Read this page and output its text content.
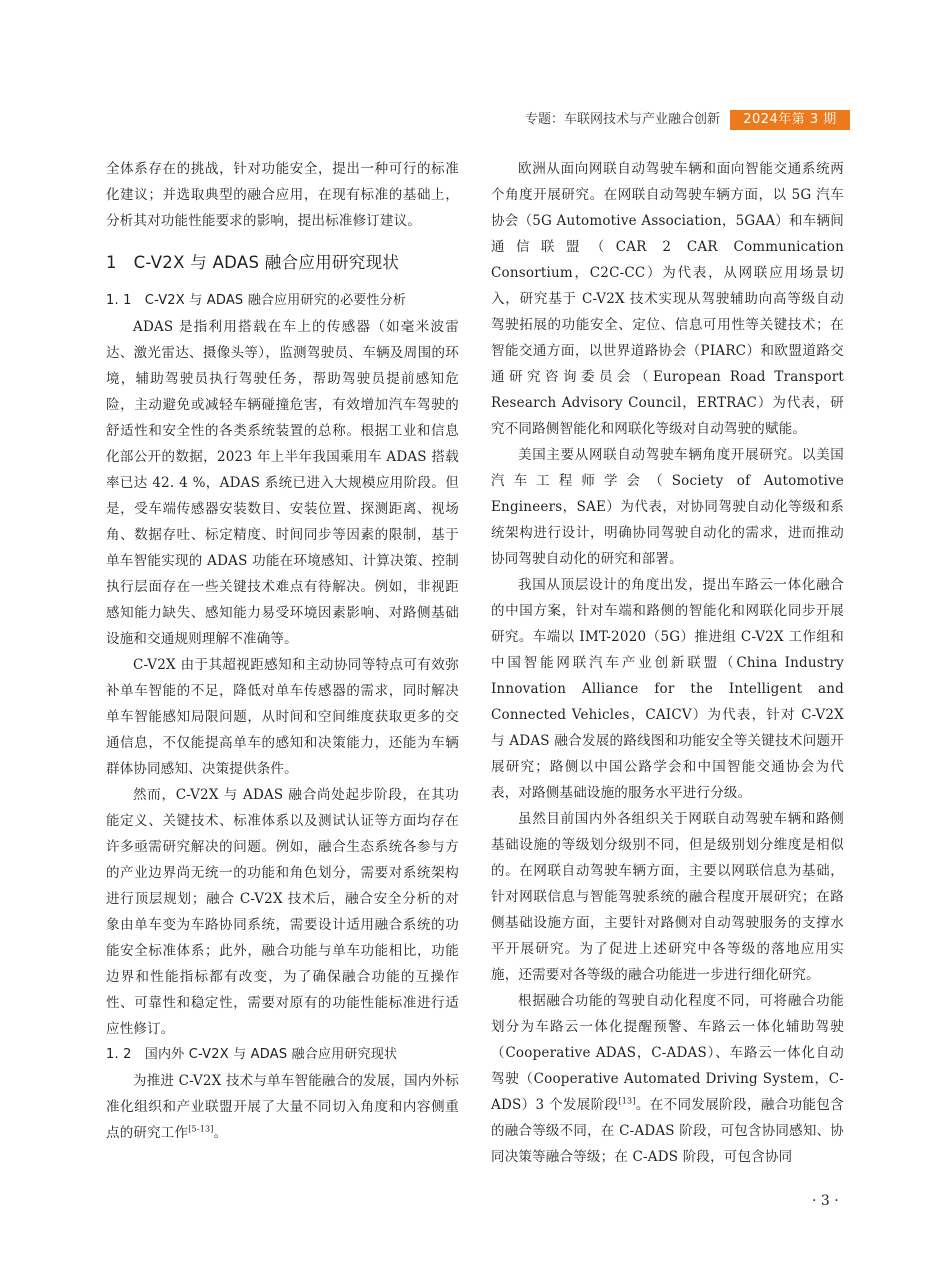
专题：车联网技术与产业融合创新	2024年第 3 期

全体系存在的挑战，针对功能安全，提出一种可行的标准化建议；并选取典型的融合应用，在现有标准的基础上，分析其对功能性能要求的影响，提出标准修订建议。

1　C-V2X 与 ADAS 融合应用研究现状
1. 1　C-V2X 与 ADAS 融合应用研究的必要性分析

ADAS 是指利用搭载在车上的传感器（如毫米波雷达、激光雷达、摄像头等），监测驾驶员、车辆及周围的环境，辅助驾驶员执行驾驶任务，帮助驾驶员提前感知危险，主动避免或减轻车辆碰撞危害，有效增加汽车驾驶的舒适性和安全性的各类系统装置的总称。根据工业和信息化部公开的数据，2023 年上半年我国乘用车 ADAS 搭载率已达 42. 4 %，ADAS 系统已进入大规模应用阶段。但是，受车端传感器安装数目、安装位置、探测距离、视场角、数据存吐、标定精度、时间同步等因素的限制，基于单车智能实现的 ADAS 功能在环境感知、计算决策、控制执行层面存在一些关键技术难点有待解决。例如，非视距感知能力缺失、感知能力易受环境因素影响、对路侧基础设施和交通规则理解不准确等。

C-V2X 由于其超视距感知和主动协同等特点可有效弥补单车智能的不足，降低对单车传感器的需求，同时解决单车智能感知局限问题，从时间和空间维度获取更多的交通信息，不仅能提高单车的感知和决策能力，还能为车辆群体协同感知、决策提供条件。

然而，C-V2X 与 ADAS 融合尚处起步阶段，在其功能定义、关键技术、标准体系以及测试认证等方面均存在许多亟需研究解决的问题。例如，融合生态系统各参与方的产业边界尚无统一的功能和角色划分，需要对系统架构进行顶层规划；融合 C-V2X 技术后，融合安全分析的对象由单车变为车路协同系统，需要设计适用融合系统的功能安全标准体系；此外，融合功能与单车功能相比，功能边界和性能指标都有改变，为了确保融合功能的互操作性、可靠性和稳定性，需要对原有的功能性能标准进行适应性修订。

1. 2　国内外 C-V2X 与 ADAS 融合应用研究现状

为推进 C-V2X 技术与单车智能融合的发展，国内外标准化组织和产业联盟开展了大量不同切入角度和内容侧重点的研究工作[5-13]。

欧洲从面向网联自动驾驶车辆和面向智能交通系统两个角度开展研究。在网联自动驾驶车辆方面，以 5G 汽车协会（5G Automotive Association，5GAA）和车辆间通信联盟（CAR 2 CAR Communication Consortium，C2C-CC）为代表，从网联应用场景切入，研究基于 C-V2X 技术实现从驾驶辅助向高等级自动驾驶拓展的功能安全、定位、信息可用性等关键技术；在智能交通方面，以世界道路协会（PIARC）和欧盟道路交通研究咨询委员会（European Road Transport Research Advisory Council，ERTRAC）为代表，研究不同路侧智能化和网联化等级对自动驾驶的赋能。

美国主要从网联自动驾驶车辆角度开展研究。以美国汽车工程师学会（Society of Automotive Engineers，SAE）为代表，对协同驾驶自动化等级和系统架构进行设计，明确协同驾驶自动化的需求，进而推动协同驾驶自动化的研究和部署。

我国从顶层设计的角度出发，提出车路云一体化融合的中国方案，针对车端和路侧的智能化和网联化同步开展研究。车端以 IMT-2020（5G）推进组 C-V2X 工作组和中国智能网联汽车产业创新联盟（China Industry Innovation Alliance for the Intelligent and Connected Vehicles，CAICV）为代表，针对 C-V2X 与 ADAS 融合发展的路线图和功能安全等关键技术问题开展研究；路侧以中国公路学会和中国智能交通协会为代表，对路侧基础设施的服务水平进行分级。

虽然目前国内外各组织关于网联自动驾驶车辆和路侧基础设施的等级划分级别不同，但是级别划分维度是相似的。在网联自动驾驶车辆方面，主要以网联信息为基础，针对网联信息与智能驾驶系统的融合程度开展研究；在路侧基础设施方面，主要针对路侧对自动驾驶服务的支撑水平开展研究。为了促进上述研究中各等级的落地应用实施，还需要对各等级的融合功能进一步进行细化研究。

根据融合功能的驾驶自动化程度不同，可将融合功能划分为车路云一体化提醒预警、车路云一体化辅助驾驶（Cooperative ADAS，C-ADAS）、车路云一体化自动驾驶（Cooperative Automated Driving System，C-ADS）3 个发展阶段[13]。在不同发展阶段，融合功能包含的融合等级不同，在 C-ADAS 阶段，可包含协同感知、协同决策等融合等级；在 C-ADS 阶段，可包含协同

· 3 ·
